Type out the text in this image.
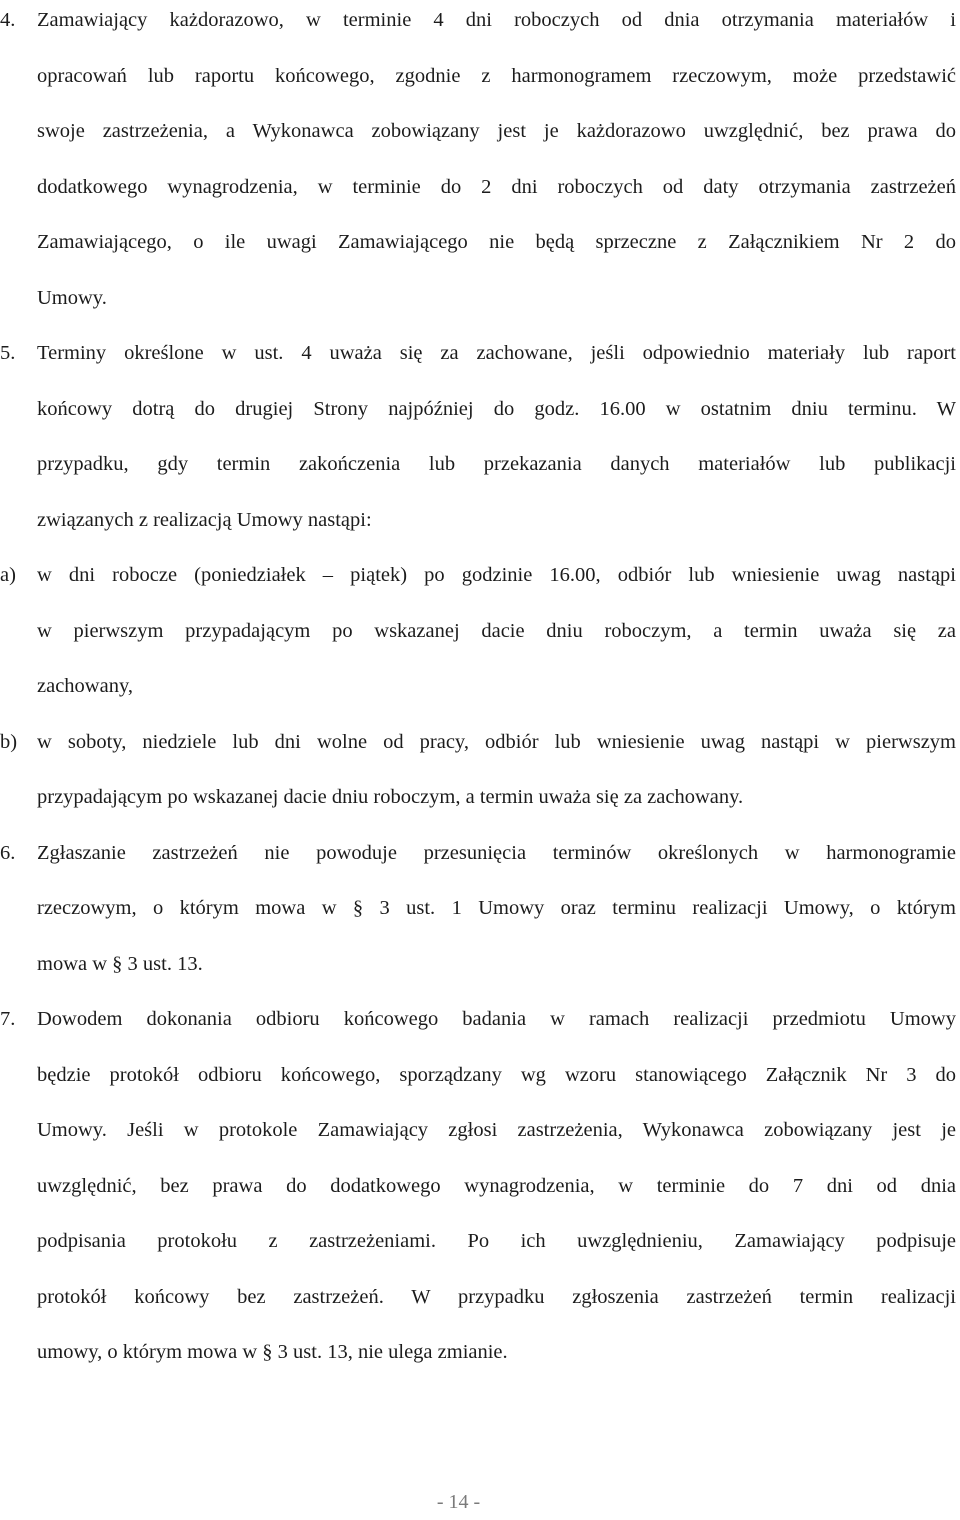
4. Zamawiający każdorazowo, w terminie 4 dni roboczych od dnia otrzymania materiałów i
opracowań lub raportu końcowego, zgodnie z harmonogramem rzeczowym, może przedstawić
swoje zastrzeżenia, a Wykonawca zobowiązany jest je każdorazowo uwzględnić, bez prawa do
dodatkowego wynagrodzenia, w terminie do 2 dni roboczych od daty otrzymania zastrzeżeń
Zamawiającego, o ile uwagi Zamawiającego nie będą sprzeczne z Załącznikiem Nr 2 do
Umowy.
5. Terminy określone w ust. 4 uważa się za zachowane, jeśli odpowiednio materiały lub raport
końcowy dotrą do drugiej Strony najpóźniej do godz. 16.00 w ostatnim dniu terminu. W
przypadku, gdy termin zakończenia lub przekazania danych materiałów lub publikacji
związanych z realizacją Umowy nastąpi:
a) w dni robocze (poniedziałek – piątek) po godzinie 16.00, odbiór lub wniesienie uwag nastąpi
w pierwszym przypadającym po wskazanej dacie dniu roboczym, a termin uważa się za
zachowany,
b) w soboty, niedziele lub dni wolne od pracy, odbiór lub wniesienie uwag nastąpi w pierwszym
przypadającym po wskazanej dacie dniu roboczym, a termin uważa się za zachowany.
6. Zgłaszanie zastrzeżeń nie powoduje przesunięcia terminów określonych w harmonogramie
rzeczowym, o którym mowa w § 3 ust. 1 Umowy oraz terminu realizacji Umowy, o którym
mowa w § 3 ust. 13.
7. Dowodem dokonania odbioru końcowego badania w ramach realizacji przedmiotu Umowy
będzie protokół odbioru końcowego, sporządzany wg wzoru stanowiącego Załącznik Nr 3 do
Umowy. Jeśli w protokole Zamawiający zgłosi zastrzeżenia, Wykonawca zobowiązany jest je
uwzględnić, bez prawa do dodatkowego wynagrodzenia, w terminie do 7 dni od dnia
podpisania protokołu z zastrzeżeniami. Po ich uwzględnieniu, Zamawiający podpisuje
protokół końcowy bez zastrzeżeń. W przypadku zgłoszenia zastrzeżeń termin realizacji
umowy, o którym mowa w § 3 ust. 13, nie ulega zmianie.
- 14 -
